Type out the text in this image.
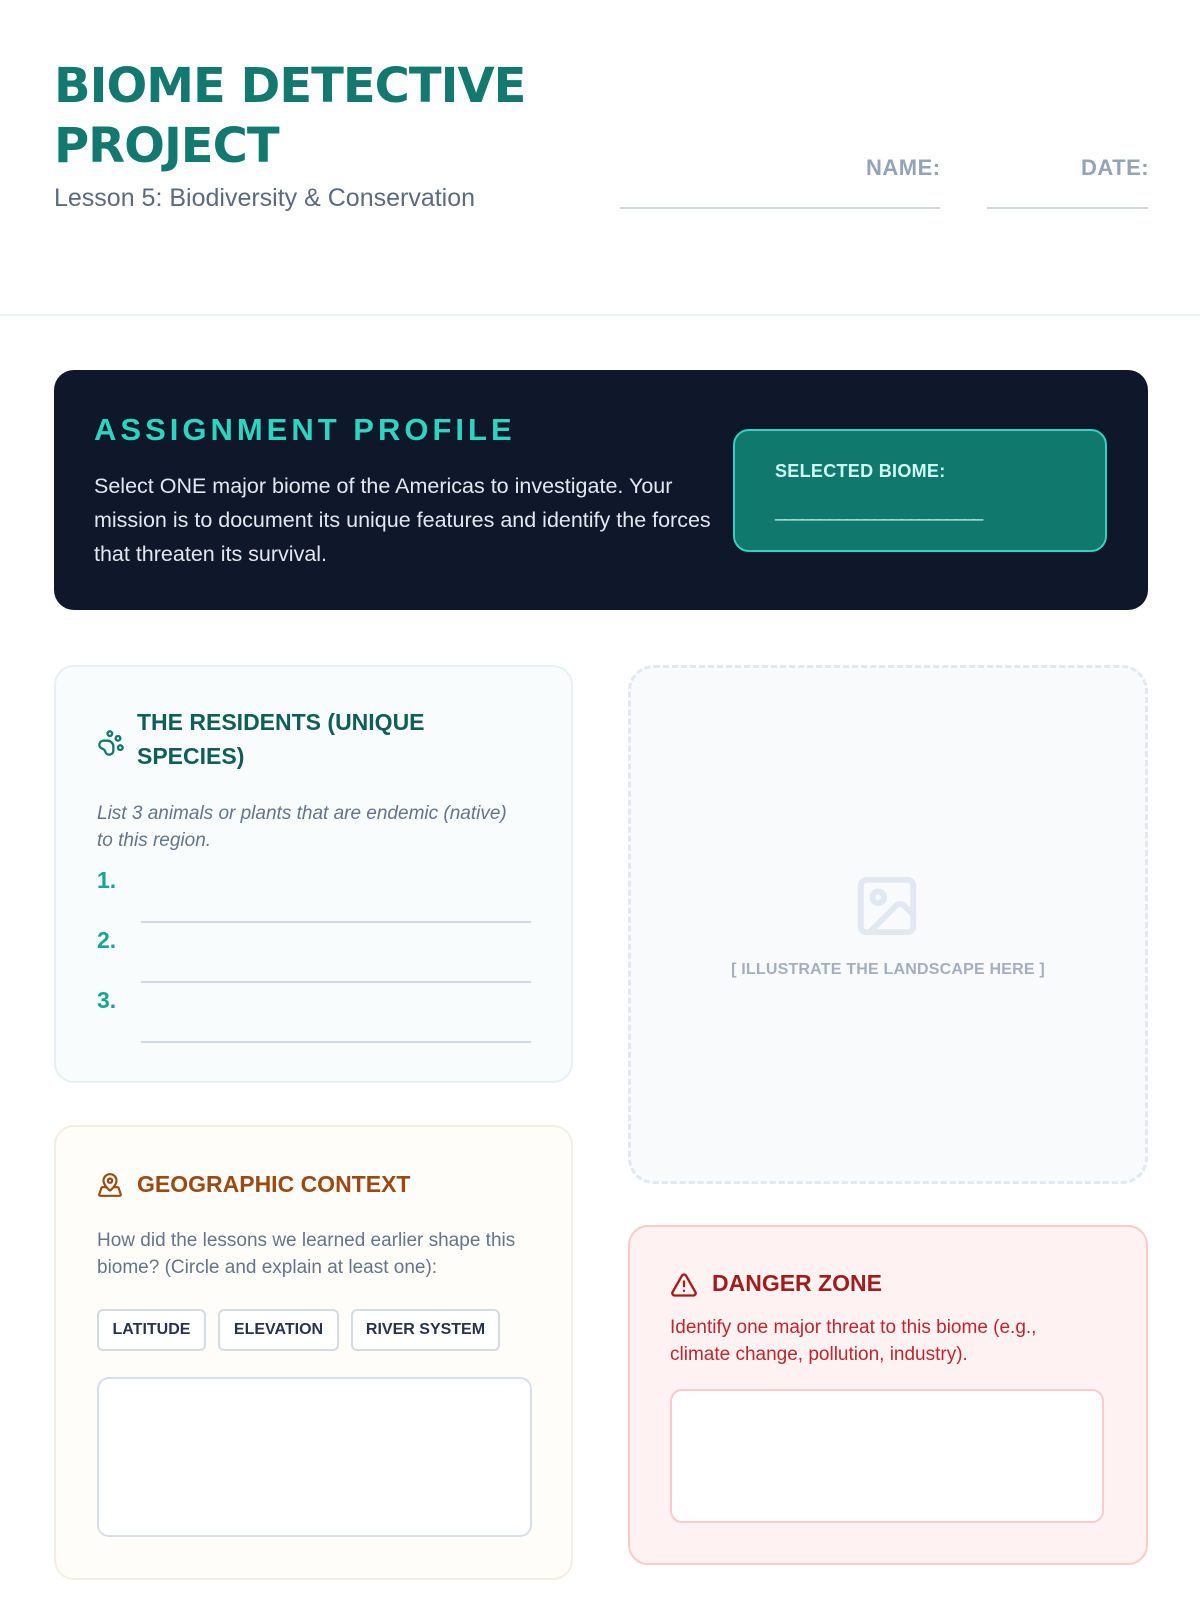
BIOME DETECTIVE PROJECT
Lesson 5: Biodiversity & Conservation
NAME:	DATE:
ASSIGNMENT PROFILE

Select ONE major biome of the Americas to investigate. Your mission is to document its unique features and identify the forces that threaten its survival.

SELECTED BIOME:
_______________________
THE RESIDENTS (UNIQUE SPECIES)

List 3 animals or plants that are endemic (native) to this region.

1.
2.
3.
[ ILLUSTRATE THE LANDSCAPE HERE ]
GEOGRAPHIC CONTEXT

How did the lessons we learned earlier shape this biome? (Circle and explain at least one):

LATITUDE	ELEVATION	RIVER SYSTEM
DANGER ZONE

Identify one major threat to this biome (e.g., climate change, pollution, industry).
